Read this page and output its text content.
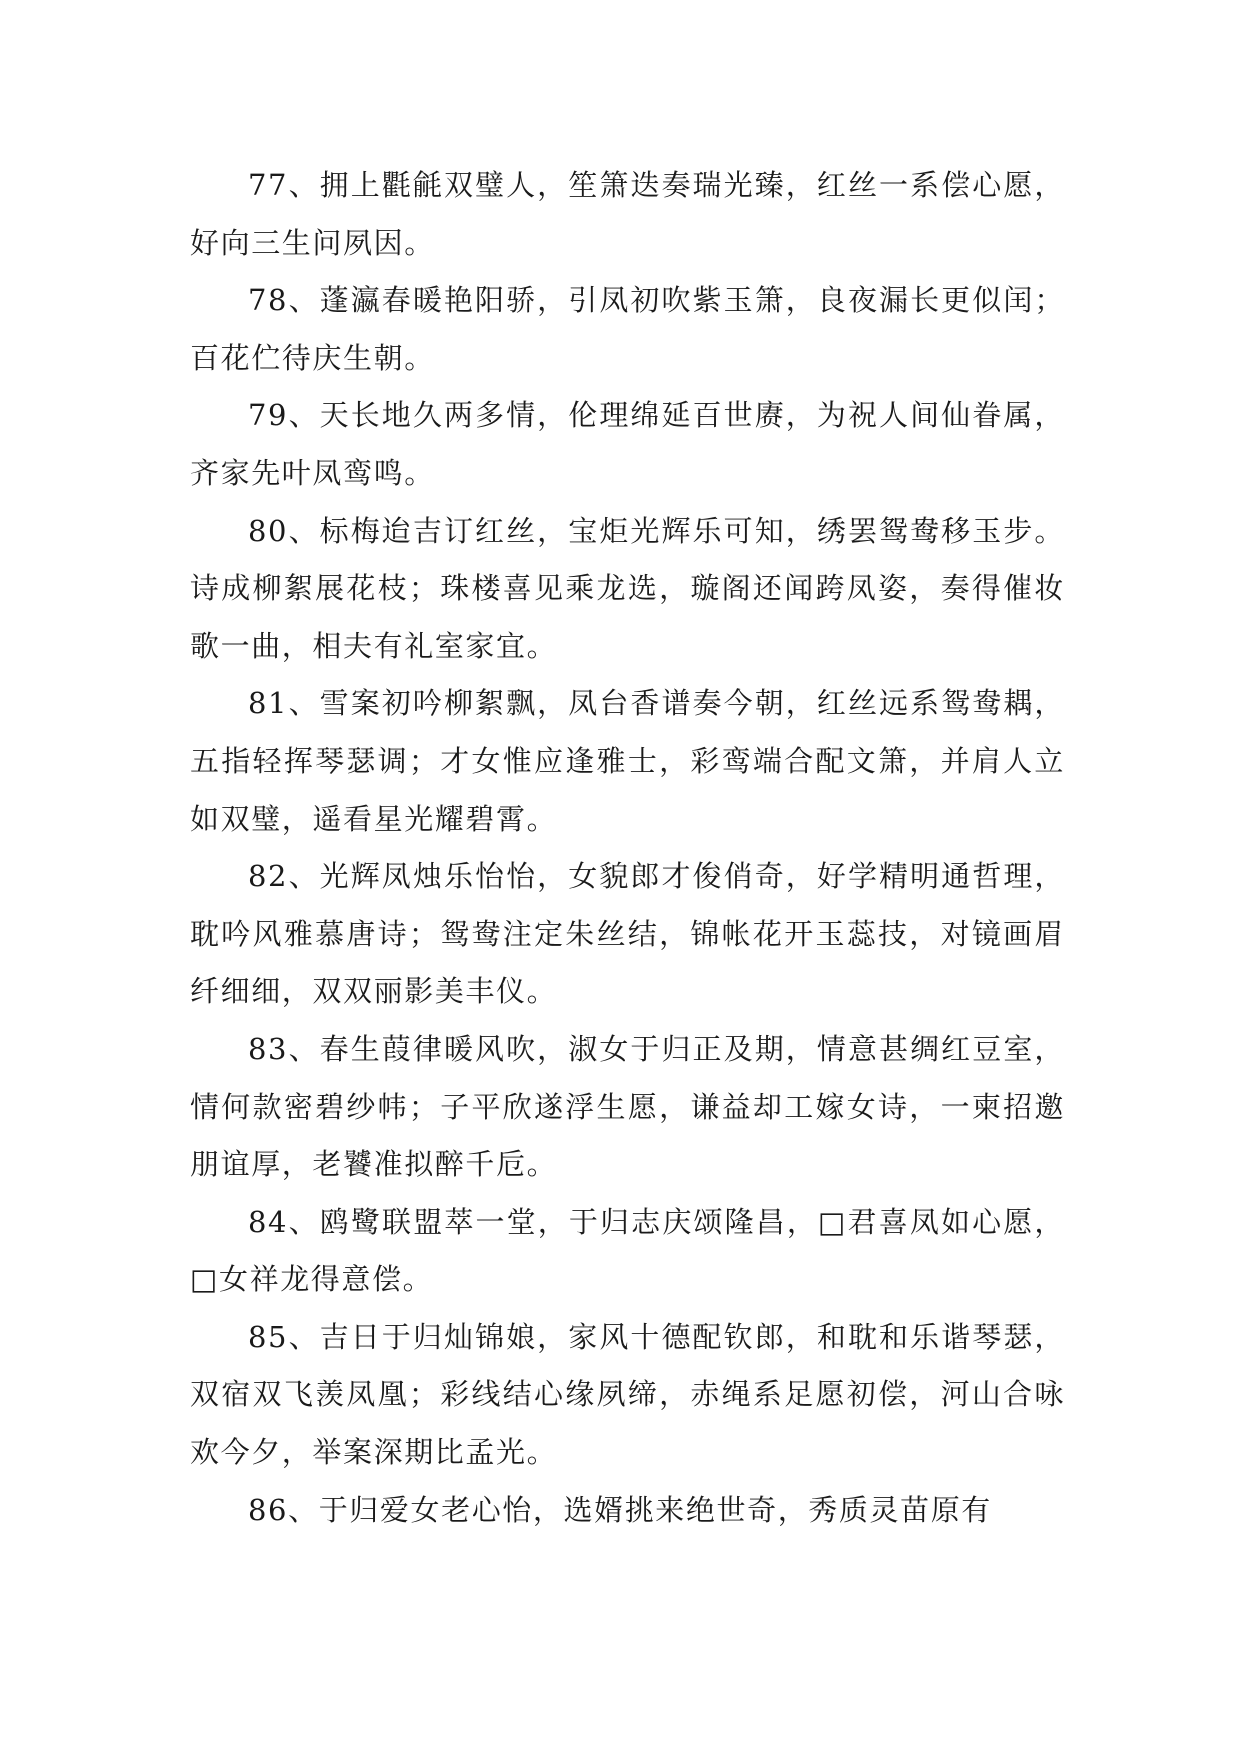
77、拥上氍毹双璧人，笙箫迭奏瑞光臻，红丝一系偿心愿，好向三生问夙因。

78、蓬瀛春暖艳阳骄，引凤初吹紫玉箫，良夜漏长更似闰；百花伫待庆生朝。

79、天长地久两多情，伦理绵延百世赓，为祝人间仙眷属，齐家先叶凤鸾鸣。

80、标梅迨吉订红丝，宝炬光辉乐可知，绣罢鸳鸯移玉步。诗成柳絮展花枝；珠楼喜见乘龙选，璇阁还闻跨凤姿，奏得催妆歌一曲，相夫有礼室家宜。

81、雪案初吟柳絮飘，凤台香谱奏今朝，红丝远系鸳鸯耦，五指轻挥琴瑟调；才女惟应逢雅士，彩鸾端合配文箫，并肩人立如双璧，遥看星光耀碧霄。

82、光辉凤烛乐怡怡，女貌郎才俊俏奇，好学精明通哲理，耽吟风雅慕唐诗；鸳鸯注定朱丝结，锦帐花开玉蕊技，对镜画眉纤细细，双双丽影美丰仪。

83、春生葭律暖风吹，淑女于归正及期，情意甚绸红豆室，情何款密碧纱帏；子平欣遂浮生愿，谦益却工嫁女诗，一柬招邀朋谊厚，老饕准拟醉千卮。

84、鸥鹭联盟萃一堂，于归志庆颂隆昌，□君喜凤如心愿，□女祥龙得意偿。

85、吉日于归灿锦娘，家风十德配钦郎，和耽和乐谐琴瑟，双宿双飞羡凤凰；彩线结心缘夙缔，赤绳系足愿初偿，河山合咏欢今夕，举案深期比孟光。

86、于归爱女老心怡，选婿挑来绝世奇，秀质灵苗原有
